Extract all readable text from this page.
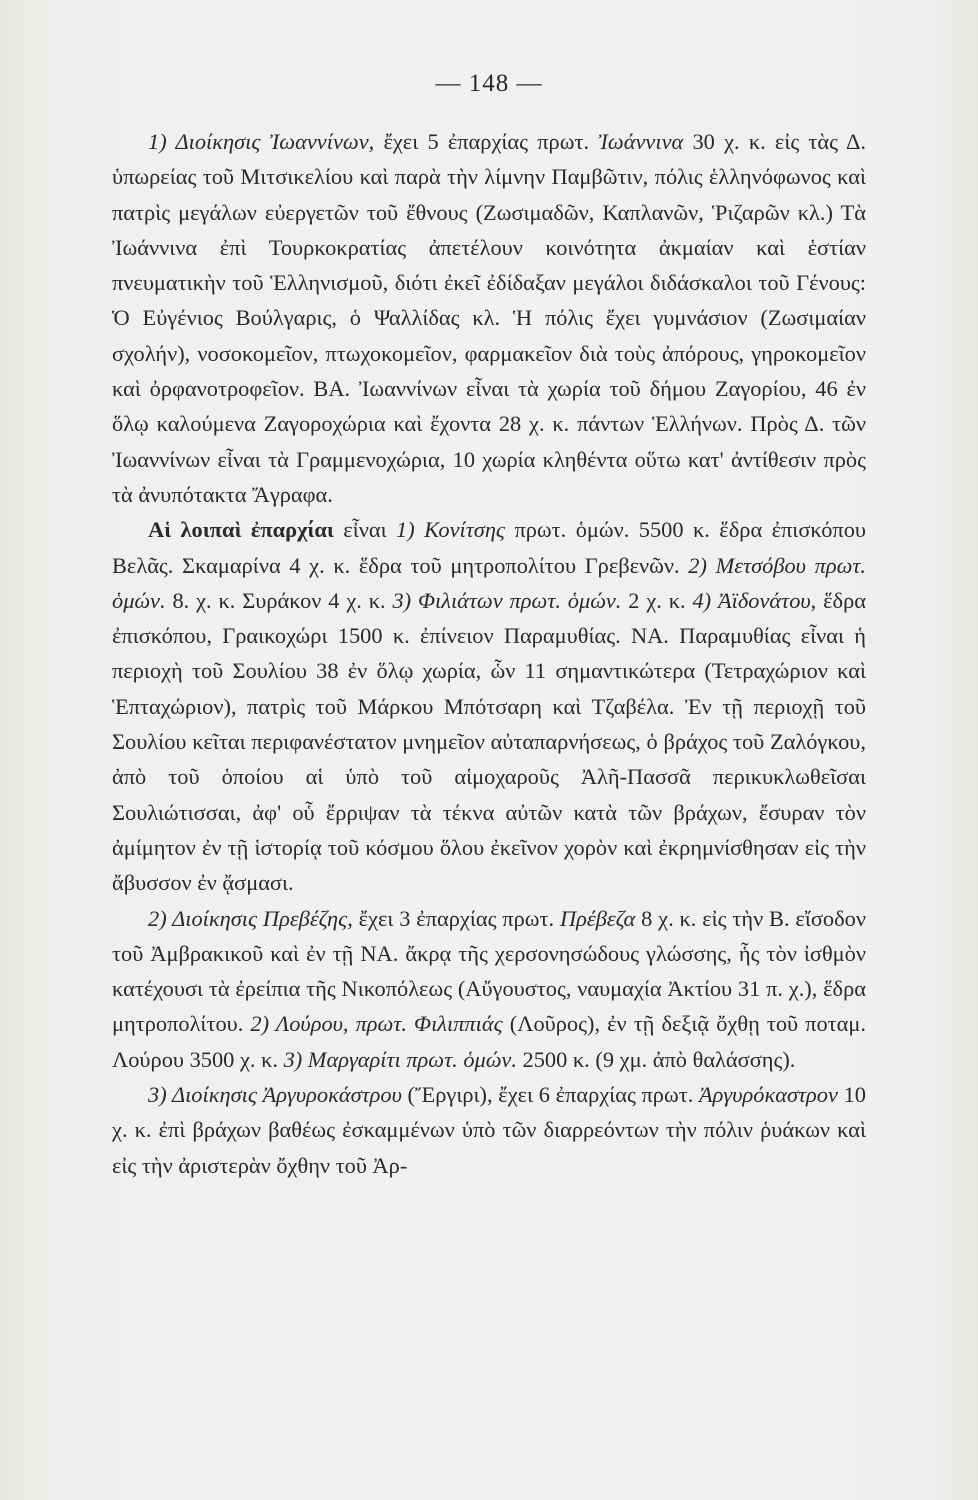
— 148 —

1) Διοίκησις Ἰωαννίνων, ἔχει 5 ἐπαρχίας πρωτ. Ἰωάννινα 30 χ. κ. εἰς τὰς Δ. ὑπωρείας τοῦ Μιτσικελίου καὶ παρὰ τὴν λίμνην Παμβῶτιν, πόλις ἑλληνόφωνος καὶ πατρὶς μεγάλων εὐεργετῶν τοῦ ἔθνους (Ζωσιμαδῶν, Καπλανῶν, Ῥιζαρῶν κλ.) Τὰ Ἰωάννινα ἐπὶ Τουρκοκρατίας ἀπετέλουν κοινότητα ἀκμαίαν καὶ ἑστίαν πνευματικὴν τοῦ Ἑλληνισμοῦ, διότι ἐκεῖ ἐδίδαξαν μεγάλοι διδάσκαλοι τοῦ Γένους: Ὁ Εὐγένιος Βούλγαρις, ὁ Ψαλλίδας κλ. Ἡ πόλις ἔχει γυμνάσιον (Ζωσιμαίαν σχολήν), νοσοκομεῖον, πτωχοκομεῖον, φαρμακεῖον διὰ τοὺς ἀπόρους, γηροκομεῖον καὶ ὀρφανοτροφεῖον. ΒΑ. Ἰωαννίνων εἶναι τὰ χωρία τοῦ δήμου Ζαγορίου, 46 ἐν ὅλῳ καλούμενα Ζαγοροχώρια καὶ ἔχοντα 28 χ. κ. πάντων Ἑλλήνων. Πρὸς Δ. τῶν Ἰωαννίνων εἶναι τὰ Γραμμενοχώρια, 10 χωρία κληθέντα οὕτω κατ' ἀντίθεσιν πρὸς τὰ ἀνυπότακτα Ἄγραφα.

Αἱ λοιπαὶ ἐπαρχίαι εἶναι 1) Κονίτσης πρωτ. ὁμών. 5500 κ. ἕδρα ἐπισκόπου Βελᾶς. Σκαμαρίνα 4 χ. κ. ἕδρα τοῦ μητροπολίτου Γρεβενῶν. 2) Μετσόβου πρωτ. ὁμών. 8. χ. κ. Συράκον 4 χ. κ. 3) Φιλιάτων πρωτ. ὁμών. 2 χ. κ. 4) Ἀϊδονάτου, ἕδρα ἐπισκόπου, Γραικοχώρι 1500 κ. ἐπίνειον Παραμυθίας. ΝΑ. Παραμυθίας εἶναι ἡ περιοχὴ τοῦ Σουλίου 38 ἐν ὅλῳ χωρία, ὧν 11 σημαντικώτερα (Τετραχώριον καὶ Ἑπταχώριον), πατρὶς τοῦ Μάρκου Μπότσαρη καὶ Τζαβέλα. Ἐν τῇ περιοχῇ τοῦ Σουλίου κεῖται περιφανέστατον μνημεῖον αὐταπαρνήσεως, ὁ βράχος τοῦ Ζαλόγκου, ἀπὸ τοῦ ὁποίου αἱ ὑπὸ τοῦ αἱμοχαροῦς Ἀλῆ-Πασσᾶ περικυκλωθεῖσαι Σουλιώτισσαι, ἀφ' οὗ ἔρριψαν τὰ τέκνα αὐτῶν κατὰ τῶν βράχων, ἔσυραν τὸν ἀμίμητον ἐν τῇ ἱστορίᾳ τοῦ κόσμου ὅλου ἐκεῖνον χορὸν καὶ ἐκρημνίσθησαν εἰς τὴν ἄβυσσον ἐν ᾄσμασι.

2) Διοίκησις Πρεβέζης, ἔχει 3 ἐπαρχίας πρωτ. Πρέβεζα 8 χ. κ. εἰς τὴν Β. εἴσοδον τοῦ Ἀμβρακικοῦ καὶ ἐν τῇ ΝΑ. ἄκρᾳ τῆς χερσονησώδους γλώσσης, ἧς τὸν ἰσθμὸν κατέχουσι τὰ ἐρείπια τῆς Νικοπόλεως (Αὔγουστος, ναυμαχία Ἀκτίου 31 π. χ.), ἕδρα μητροπολίτου. 2) Λούρου, πρωτ. Φιλιππιάς (Λοῦρος), ἐν τῇ δεξιᾷ ὄχθῃ τοῦ ποταμ. Λούρου 3500 χ. κ. 3) Μαργαρίτι πρωτ. ὁμών. 2500 κ. (9 χμ. ἀπὸ θαλάσσης).

3) Διοίκησις Ἀργυροκάστρου (Ἔργιρι), ἔχει 6 ἐπαρχίας πρωτ. Ἀργυρόκαστρον 10 χ. κ. ἐπὶ βράχων βαθέως ἐσκαμμένων ὑπὸ τῶν διαρρεόντων τὴν πόλιν ῥυάκων καὶ εἰς τὴν ἀριστερὰν ὄχθην τοῦ Ἀρ-
